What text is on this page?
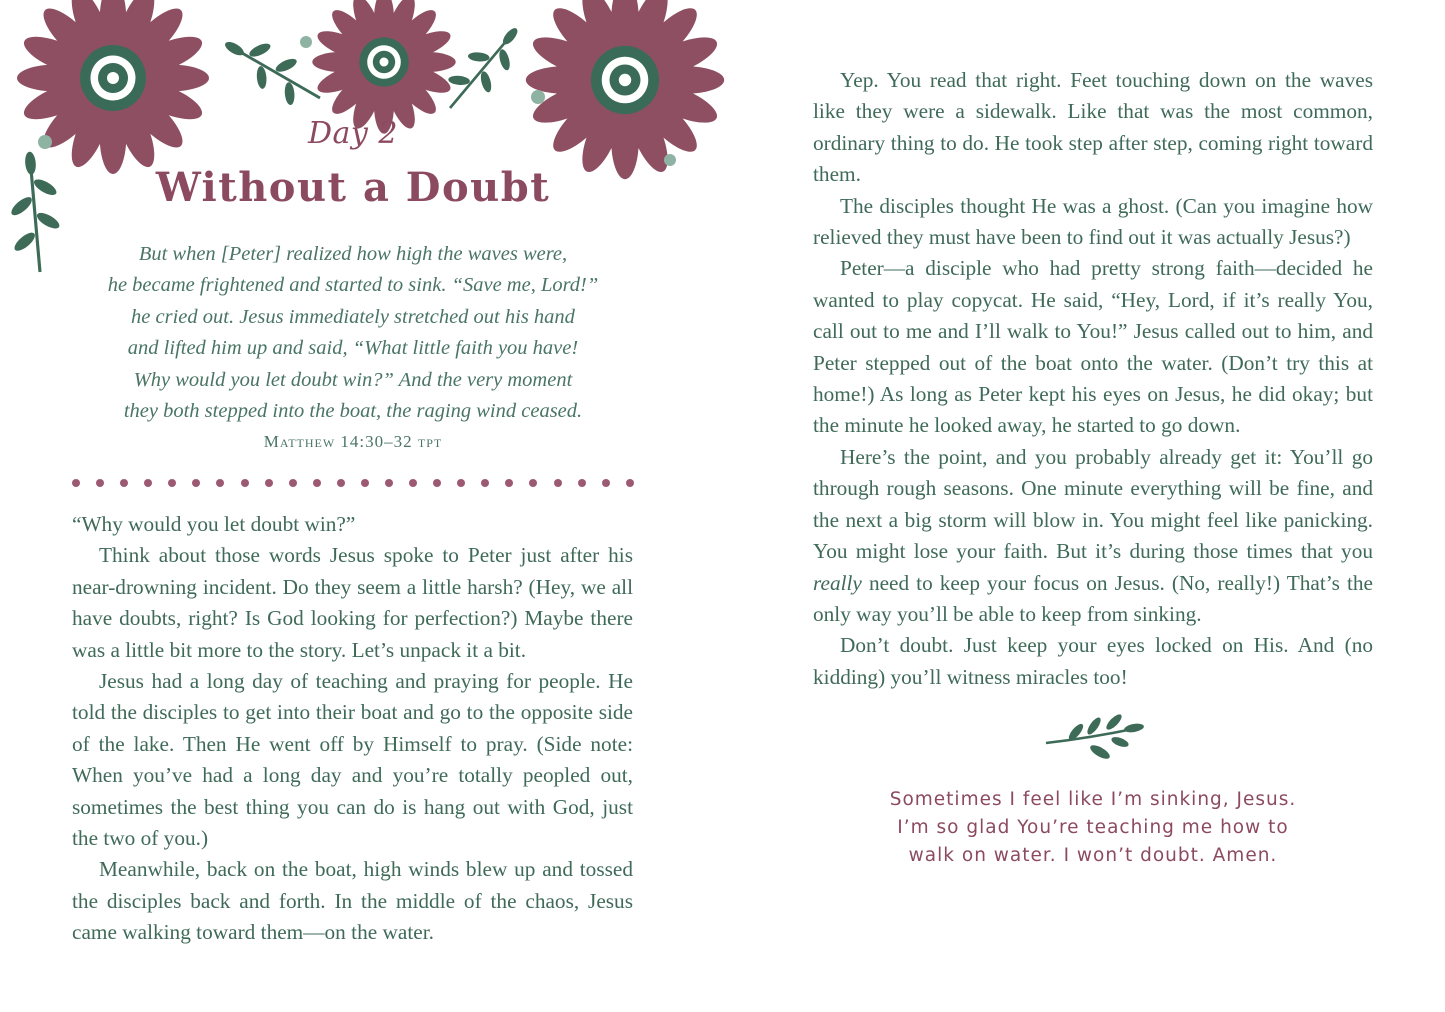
Day 2
Without a Doubt
But when [Peter] realized how high the waves were,
he became frightened and started to sink. “Save me, Lord!”
he cried out. Jesus immediately stretched out his hand
and lifted him up and said, “What little faith you have!
Why would you let doubt win?” And the very moment
they both stepped into the boat, the raging wind ceased.
Matthew 14:30–32 tpt

“Why would you let doubt win?”

Think about those words Jesus spoke to Peter just after his near-drowning incident. Do they seem a little harsh? (Hey, we all have doubts, right? Is God looking for perfection?) Maybe there was a little bit more to the story. Let’s unpack it a bit.

Jesus had a long day of teaching and praying for people. He told the disciples to get into their boat and go to the opposite side of the lake. Then He went off by Himself to pray. (Side note: When you’ve had a long day and you’re totally peopled out, sometimes the best thing you can do is hang out with God, just the two of you.)

Meanwhile, back on the boat, high winds blew up and tossed the disciples back and forth. In the middle of the chaos, Jesus came walking toward them—on the water.

Yep. You read that right. Feet touching down on the waves like they were a sidewalk. Like that was the most common, ordinary thing to do. He took step after step, coming right toward them.

The disciples thought He was a ghost. (Can you imagine how relieved they must have been to find out it was actually Jesus?)

Peter—a disciple who had pretty strong faith—decided he wanted to play copycat. He said, “Hey, Lord, if it’s really You, call out to me and I’ll walk to You!” Jesus called out to him, and Peter stepped out of the boat onto the water. (Don’t try this at home!) As long as Peter kept his eyes on Jesus, he did okay; but the minute he looked away, he started to go down.

Here’s the point, and you probably already get it: You’ll go through rough seasons. One minute everything will be fine, and the next a big storm will blow in. You might feel like panicking. You might lose your faith. But it’s during those times that you really need to keep your focus on Jesus. (No, really!) That’s the only way you’ll be able to keep from sinking.

Don’t doubt. Just keep your eyes locked on His. And (no kidding) you’ll witness miracles too!

Sometimes I feel like I’m sinking, Jesus.
I’m so glad You’re teaching me how to
walk on water. I won’t doubt. Amen.
